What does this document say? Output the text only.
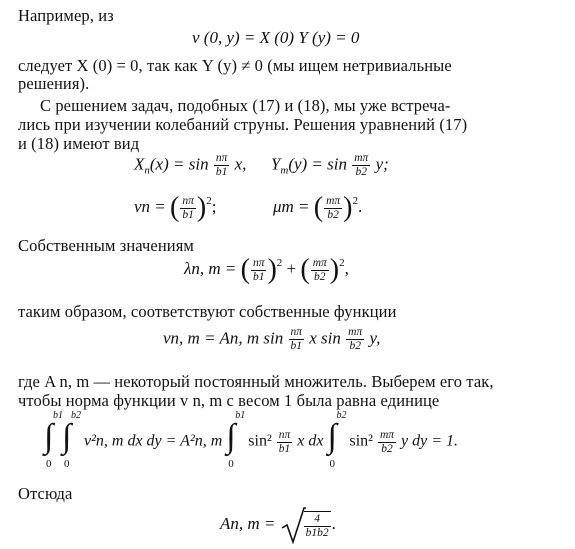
Например, из
v (0, y) = X (0) Y (y) = 0
следует X (0) = 0, так как Y (y) ≠ 0 (мы ищем нетривиальные
решения).
С решением задач, подобных (17) и (18), мы уже встреча-
лись при изучении колебаний струны. Решения уравнений (17)
и (18) имеют вид
$X_n(x) = \sin \frac{n\pi}{b1} x$, $Y_m(y) = \sin \frac{m\pi}{b2} y$;
νn = ( $\frac{n\pi}{b1} )^2$;	μm = ( $\frac{m\pi}{b2} )^2$.
Собственным значениям
λn, m = ( $\frac{n\pi}{b1} )^2$ + ( $\frac{m\pi}{b2} )^2$,
таким образом, соответствуют собственные функции
vn, m = An, m $\sin \frac{n\pi}{b1}$ x $\sin \frac{m\pi}{b2} y$,
где A n, m — некоторый постоянный множитель. Выберем его так,
чтобы норма функции v n, m с весом 1 была равна единице
b1
∫
0
b2
∫
0
v²n, m dx dy = A²n, m
b1
∫
0
$\sin^2 \frac{n\pi}{b1}$ x dx
b2
∫
0
$\sin^2 \frac{m\pi}{b2}$ y dy = 1.
Отсюда
An, $m = \frac{4}{b1b2}$ .
